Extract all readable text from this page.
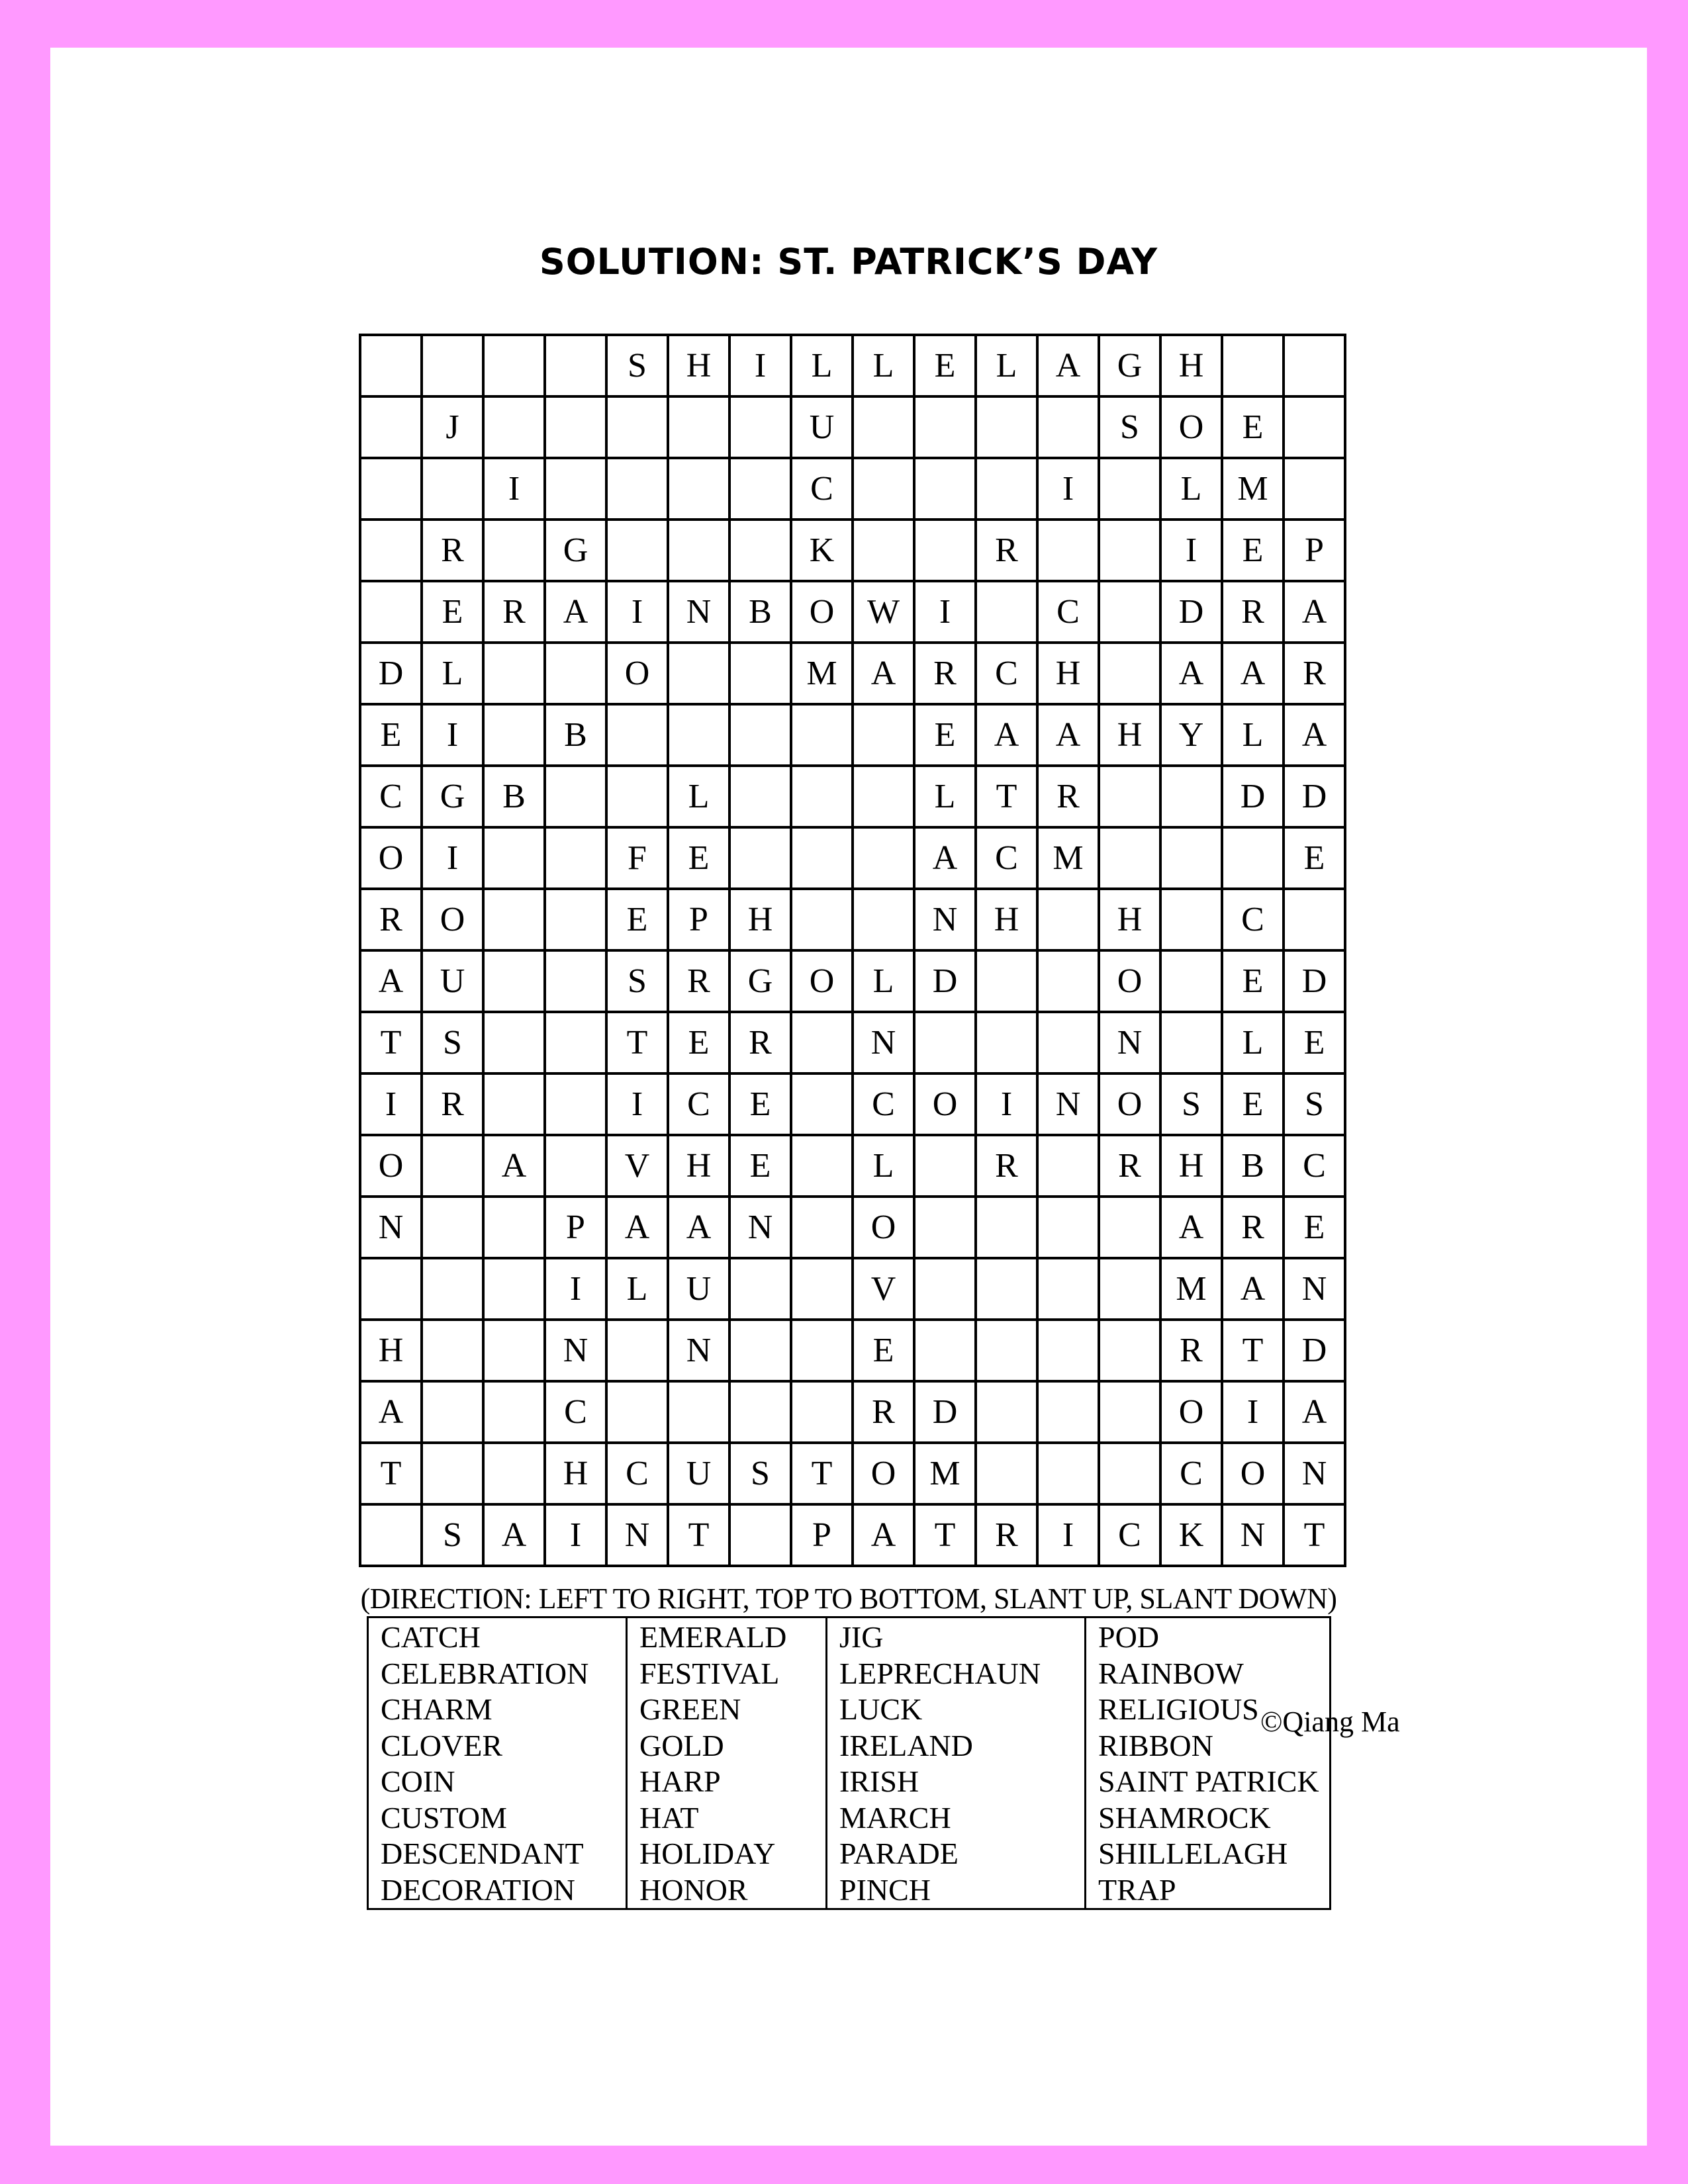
SOLUTION: ST. PATRICK’S DAY
				S	H	I	L	L	E	L	A	G	H		
	J						U					S	O	E	
		I					C				I		L	M	
	R		G				K			R			I	E	P
	E	R	A	I	N	B	O	W	I		C		D	R	A
D	L			O			M	A	R	C	H		A	A	R
E	I		B						E	A	A	H	Y	L	A
C	G	B			L				L	T	R			D	D
O	I			F	E				A	C	M				E
R	O			E	P	H			N	H		H		C	
A	U			S	R	G	O	L	D			O		E	D
T	S			T	E	R		N				N		L	E
I	R			I	C	E		C	O	I	N	O	S	E	S
O		A		V	H	E		L		R		R	H	B	C
N			P	A	A	N		O					A	R	E
			I	L	U			V					M	A	N
H			N		N			E					R	T	D
A			C					R	D				O	I	A
T			H	C	U	S	T	O	M				C	O	N
	S	A	I	N	T		P	A	T	R	I	C	K	N	T
(DIRECTION: LEFT TO RIGHT, TOP TO BOTTOM, SLANT UP, SLANT DOWN)
CATCH
CELEBRATION
CHARM
CLOVER
COIN
CUSTOM
DESCENDANT
DECORATION

EMERALD
FESTIVAL
GREEN
GOLD
HARP
HAT
HOLIDAY
HONOR

JIG
LEPRECHAUN
LUCK
IRELAND
IRISH
MARCH
PARADE
PINCH

POD
RAINBOW
RELIGIOUS
RIBBON
SAINT PATRICK
SHAMROCK
SHILLELAGH
TRAP
©Qiang Ma
